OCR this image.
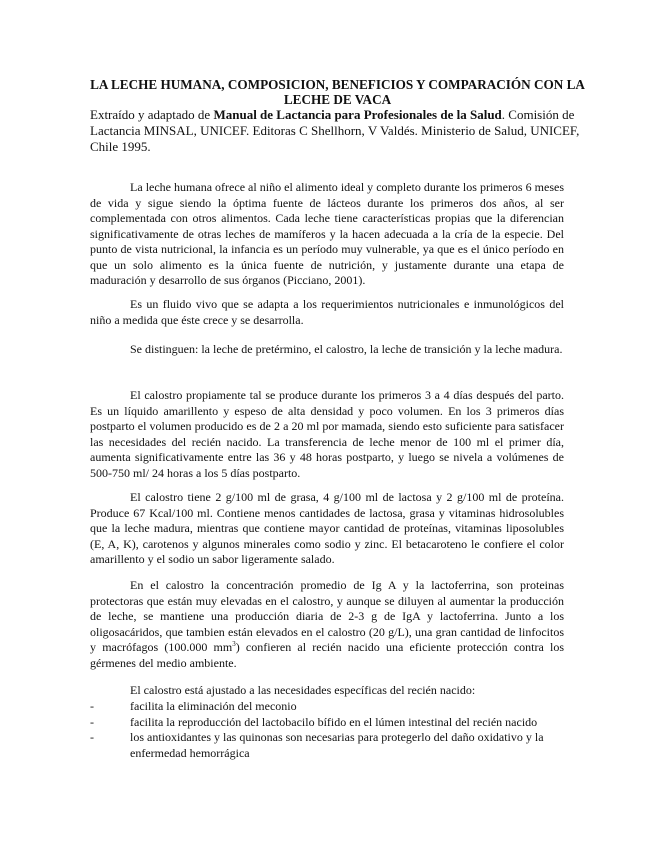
LA LECHE HUMANA, COMPOSICION, BENEFICIOS Y COMPARACIÓN CON LA LECHE DE VACA
Extraído y adaptado de Manual de Lactancia para Profesionales de la Salud. Comisión de Lactancia MINSAL, UNICEF. Editoras C Shellhorn, V Valdés. Ministerio de Salud, UNICEF, Chile 1995.

La leche humana ofrece al niño el alimento ideal y completo durante los primeros 6 meses de vida y sigue siendo la óptima fuente de lácteos durante los primeros dos años, al ser complementada con otros alimentos. Cada leche tiene características propias que la diferencian significativamente de otras leches de mamíferos y la hacen adecuada a la cría de la especie. Del punto de vista nutricional, la infancia es un período muy vulnerable, ya que es el único período en que un solo alimento es la única fuente de nutrición, y justamente durante una etapa de maduración y desarrollo de sus órganos (Picciano, 2001).

Es un fluido vivo que se adapta a los requerimientos nutricionales e inmunológicos del niño a medida que éste crece y se desarrolla.

Se distinguen: la leche de pretérmino, el calostro, la leche de transición y la leche madura.

El calostro propiamente tal se produce durante los primeros 3 a 4 días después del parto. Es un líquido amarillento y espeso de alta densidad y poco volumen. En los 3 primeros días postparto el volumen producido es de 2 a 20 ml por mamada, siendo esto suficiente para satisfacer las necesidades del recién nacido. La transferencia de leche menor de 100 ml el primer día, aumenta significativamente entre las 36 y 48 horas postparto, y luego se nivela a volúmenes de 500-750 ml/ 24 horas a los 5 días postparto.

El calostro tiene 2 g/100 ml de grasa, 4 g/100 ml de lactosa y 2 g/100 ml de proteína. Produce 67 Kcal/100 ml. Contiene menos cantidades de lactosa, grasa y vitaminas hidrosolubles que la leche madura, mientras que contiene mayor cantidad de proteínas, vitaminas liposolubles (E, A, K), carotenos y algunos minerales como sodio y zinc. El betacaroteno le confiere el color amarillento y el sodio un sabor ligeramente salado.

En el calostro la concentración promedio de Ig A y la lactoferrina, son proteinas protectoras que están muy elevadas en el calostro, y aunque se diluyen al aumentar la producción de leche, se mantiene una producción diaria de 2-3 g de IgA y lactoferrina. Junto a los oligosacáridos, que tambien están elevados en el calostro (20 g/L), una gran cantidad de linfocitos y macrófagos (100.000 $mm^3$) confieren al recién nacido una eficiente protección contra los gérmenes del medio ambiente.

El calostro está ajustado a las necesidades específicas del recién nacido:

-	facilita la eliminación del meconio
-	facilita la reproducción del lactobacilo bífido en el lúmen intestinal del recién nacido
-	los antioxidantes y las quinonas son necesarias para protegerlo del daño oxidativo y la enfermedad hemorrágica
